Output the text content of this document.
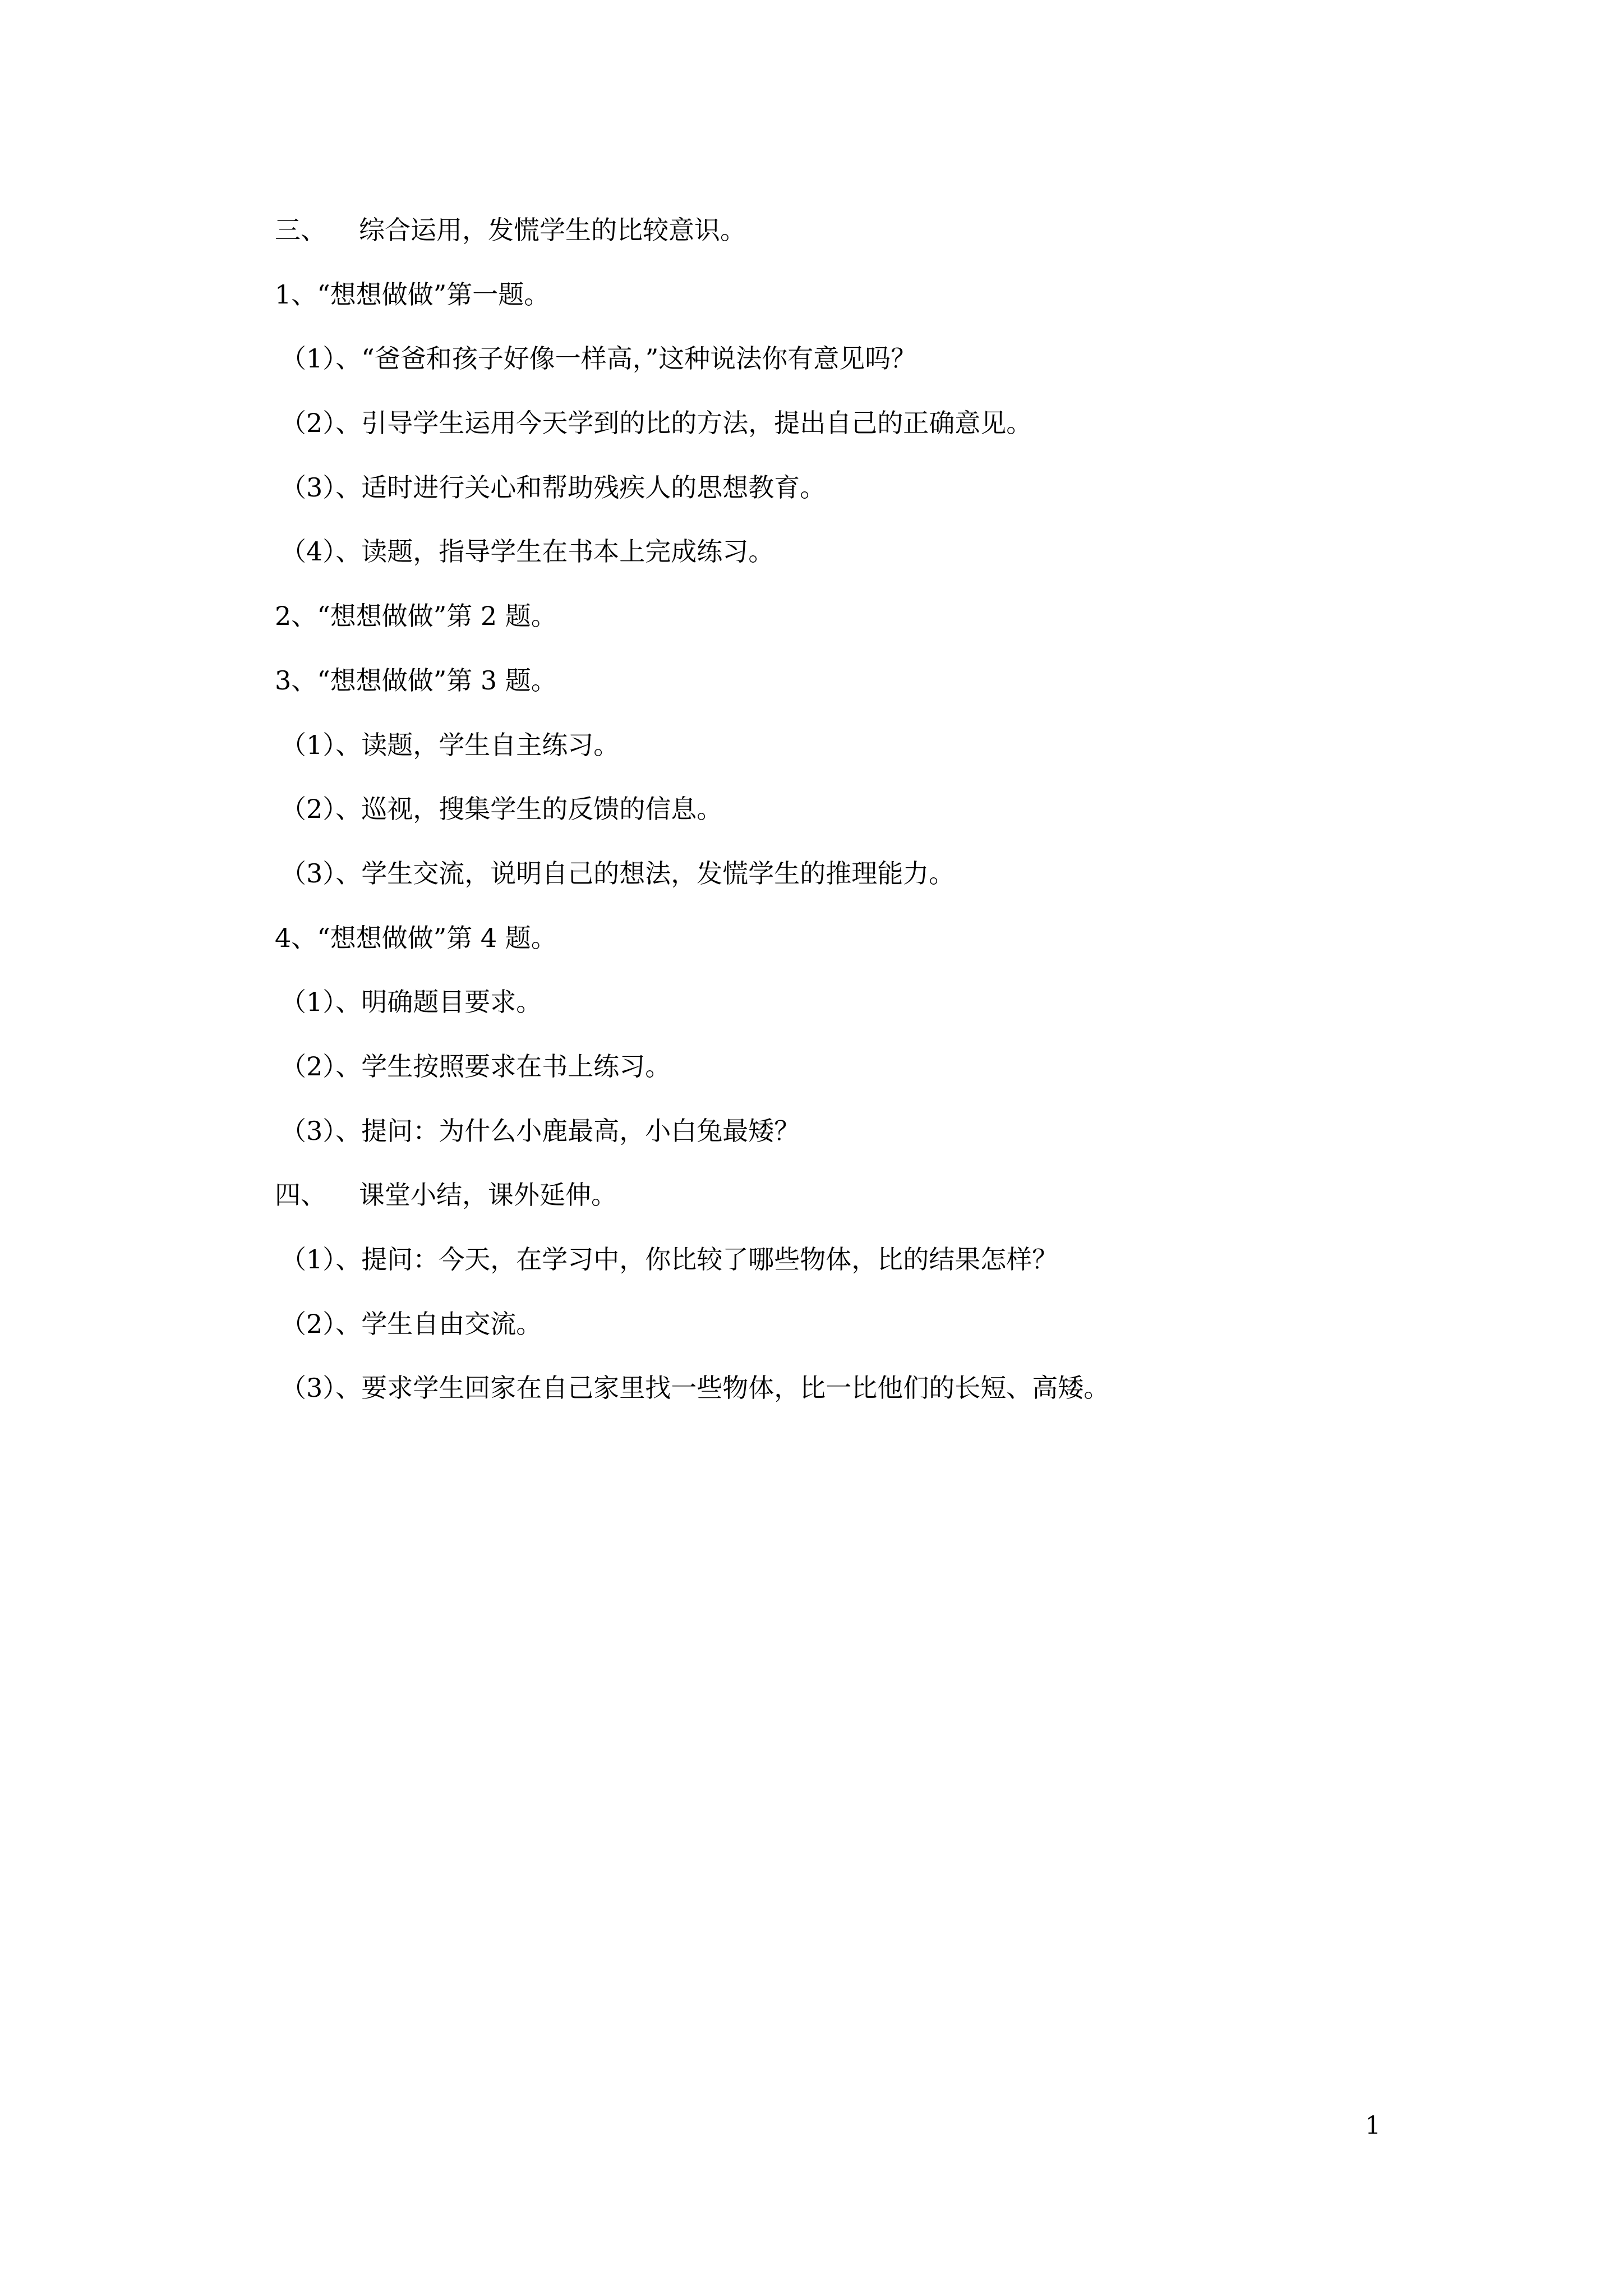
三、 综合运用，发慌学生的比较意识。
1、“想想做做”第一题。
（1）、“爸爸和孩子好像一样高，”这种说法你有意见吗？
（2）、引导学生运用今天学到的比的方法，提出自己的正确意见。
（3）、适时进行关心和帮助残疾人的思想教育。
（4）、读题，指导学生在书本上完成练习。
2、“想想做做”第 2 题。
3、“想想做做”第 3 题。
（1）、读题，学生自主练习。
（2）、巡视，搜集学生的反馈的信息。
（3）、学生交流，说明自己的想法，发慌学生的推理能力。
4、“想想做做”第 4 题。
（1）、明确题目要求。
（2）、学生按照要求在书上练习。
（3）、提问：为什么小鹿最高，小白兔最矮？
四、 课堂小结，课外延伸。
（1）、提问：今天，在学习中，你比较了哪些物体，比的结果怎样？
（2）、学生自由交流。
（3）、要求学生回家在自己家里找一些物体，比一比他们的长短、高矮。
1
